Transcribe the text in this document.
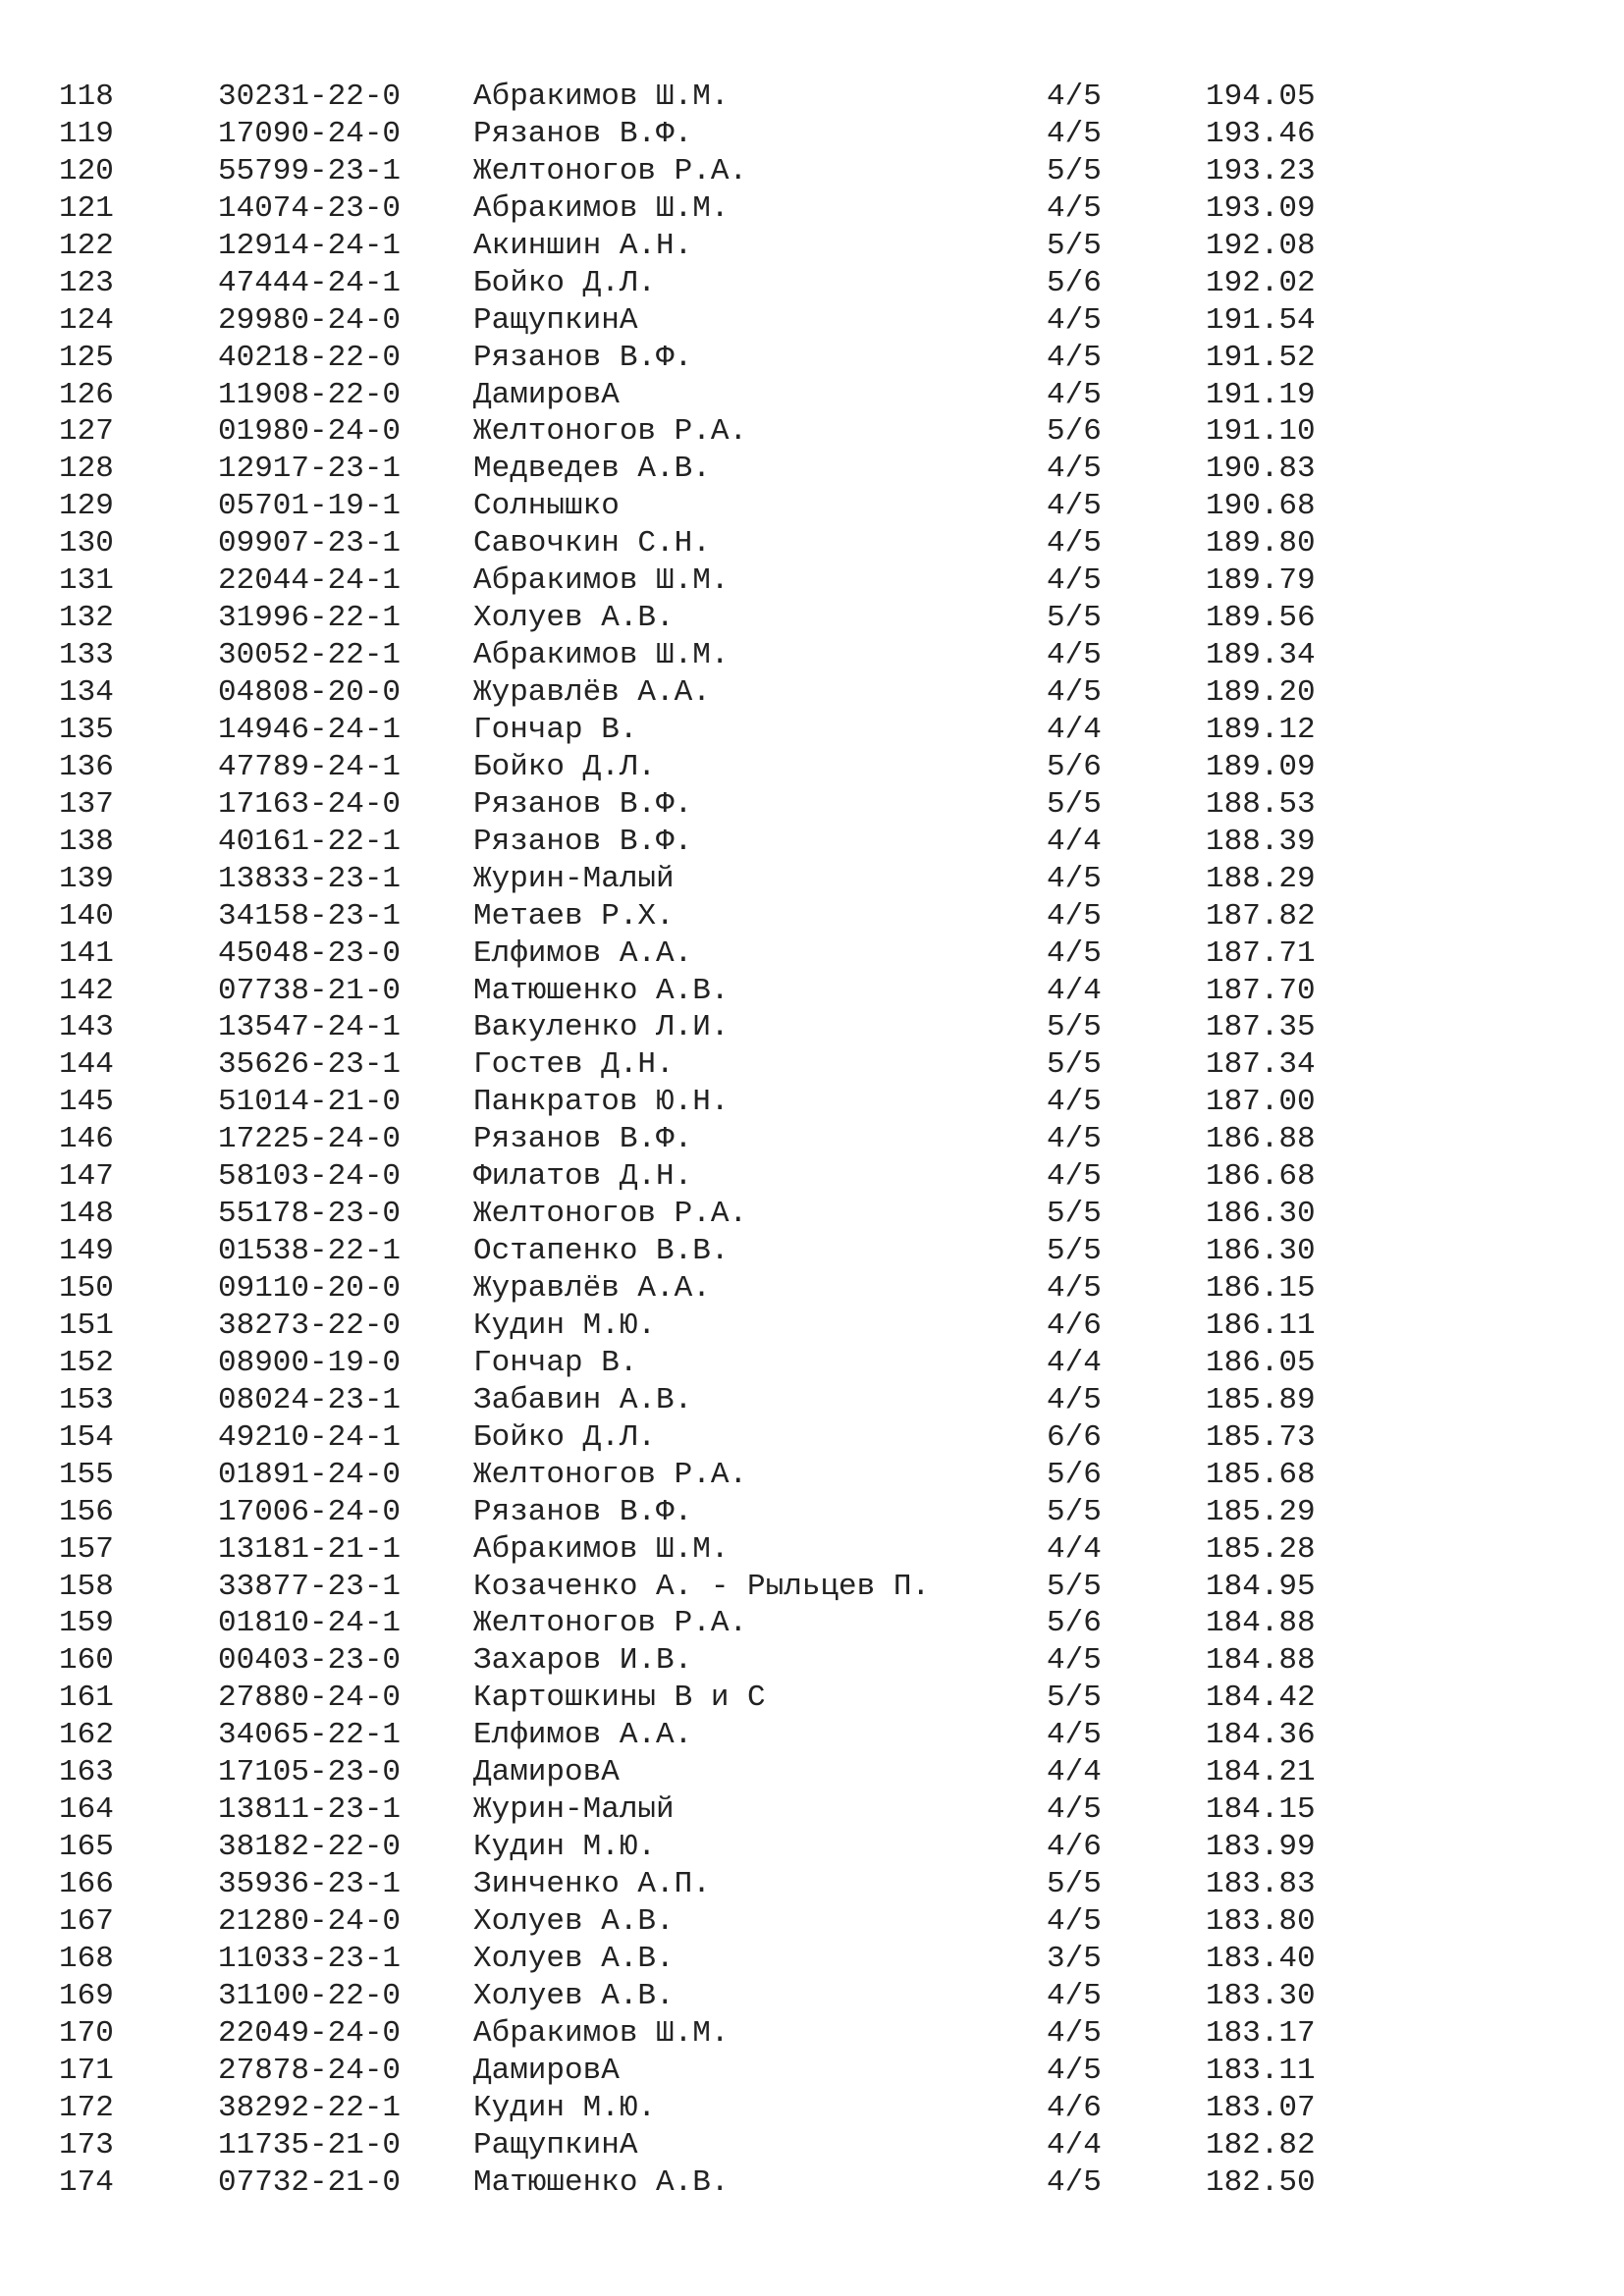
118	30231-22-0 Абракимов Ш.М.	4/5	194.05
119	17090-24-0 Рязанов В.Ф.	4/5	193.46
120	55799-23-1 Желтоногов Р.А.	5/5	193.23
121	14074-23-0 Абракимов Ш.М.	4/5	193.09
122	12914-24-1 Акиншин А.Н.	5/5	192.08
123	47444-24-1 Бойко Д.Л.	5/6	192.02
124	29980-24-0 РащупкинА	4/5	191.54
125	40218-22-0 Рязанов В.Ф.	4/5	191.52
126	11908-22-0 ДамировА	4/5	191.19
127	01980-24-0 Желтоногов Р.А.	5/6	191.10
128	12917-23-1 Медведев А.В.	4/5	190.83
129	05701-19-1 Солнышко	4/5	190.68
130	09907-23-1 Савочкин С.Н.	4/5	189.80
131	22044-24-1 Абракимов Ш.М.	4/5	189.79
132	31996-22-1 Холуев А.В.	5/5	189.56
133	30052-22-1 Абракимов Ш.М.	4/5	189.34
134	04808-20-0 Журавлёв А.А.	4/5	189.20
135	14946-24-1 Гончар В.	4/4	189.12
136	47789-24-1 Бойко Д.Л.	5/6	189.09
137	17163-24-0 Рязанов В.Ф.	5/5	188.53
138	40161-22-1 Рязанов В.Ф.	4/4	188.39
139	13833-23-1 Журин-Малый	4/5	188.29
140	34158-23-1 Метаев Р.Х.	4/5	187.82
141	45048-23-0 Елфимов А.А.	4/5	187.71
142	07738-21-0 Матюшенко А.В.	4/4	187.70
143	13547-24-1 Вакуленко Л.И.	5/5	187.35
144	35626-23-1 Гостев Д.Н.	5/5	187.34
145	51014-21-0 Панкратов Ю.Н.	4/5	187.00
146	17225-24-0 Рязанов В.Ф.	4/5	186.88
147	58103-24-0 Филатов Д.Н.	4/5	186.68
148	55178-23-0 Желтоногов Р.А.	5/5	186.30
149	01538-22-1 Остапенко В.В.	5/5	186.30
150	09110-20-0 Журавлёв А.А.	4/5	186.15
151	38273-22-0 Кудин М.Ю.	4/6	186.11
152	08900-19-0 Гончар В.	4/4	186.05
153	08024-23-1 Забавин А.В.	4/5	185.89
154	49210-24-1 Бойко Д.Л.	6/6	185.73
155	01891-24-0 Желтоногов Р.А.	5/6	185.68
156	17006-24-0 Рязанов В.Ф.	5/5	185.29
157	13181-21-1 Абракимов Ш.М.	4/4	185.28
158	33877-23-1 Козаченко А. - Рыльцев П.	5/5	184.95
159	01810-24-1 Желтоногов Р.А.	5/6	184.88
160	00403-23-0 Захаров И.В.	4/5	184.88
161	27880-24-0 Картошкины В и С	5/5	184.42
162	34065-22-1 Елфимов А.А.	4/5	184.36
163	17105-23-0 ДамировА	4/4	184.21
164	13811-23-1 Журин-Малый	4/5	184.15
165	38182-22-0 Кудин М.Ю.	4/6	183.99
166	35936-23-1 Зинченко А.П.	5/5	183.83
167	21280-24-0 Холуев А.В.	4/5	183.80
168	11033-23-1 Холуев А.В.	3/5	183.40
169	31100-22-0 Холуев А.В.	4/5	183.30
170	22049-24-0 Абракимов Ш.М.	4/5	183.17
171	27878-24-0 ДамировА	4/5	183.11
172	38292-22-1 Кудин М.Ю.	4/6	183.07
173	11735-21-0 РащупкинА	4/4	182.82
174	07732-21-0 Матюшенко А.В.	4/5	182.50
